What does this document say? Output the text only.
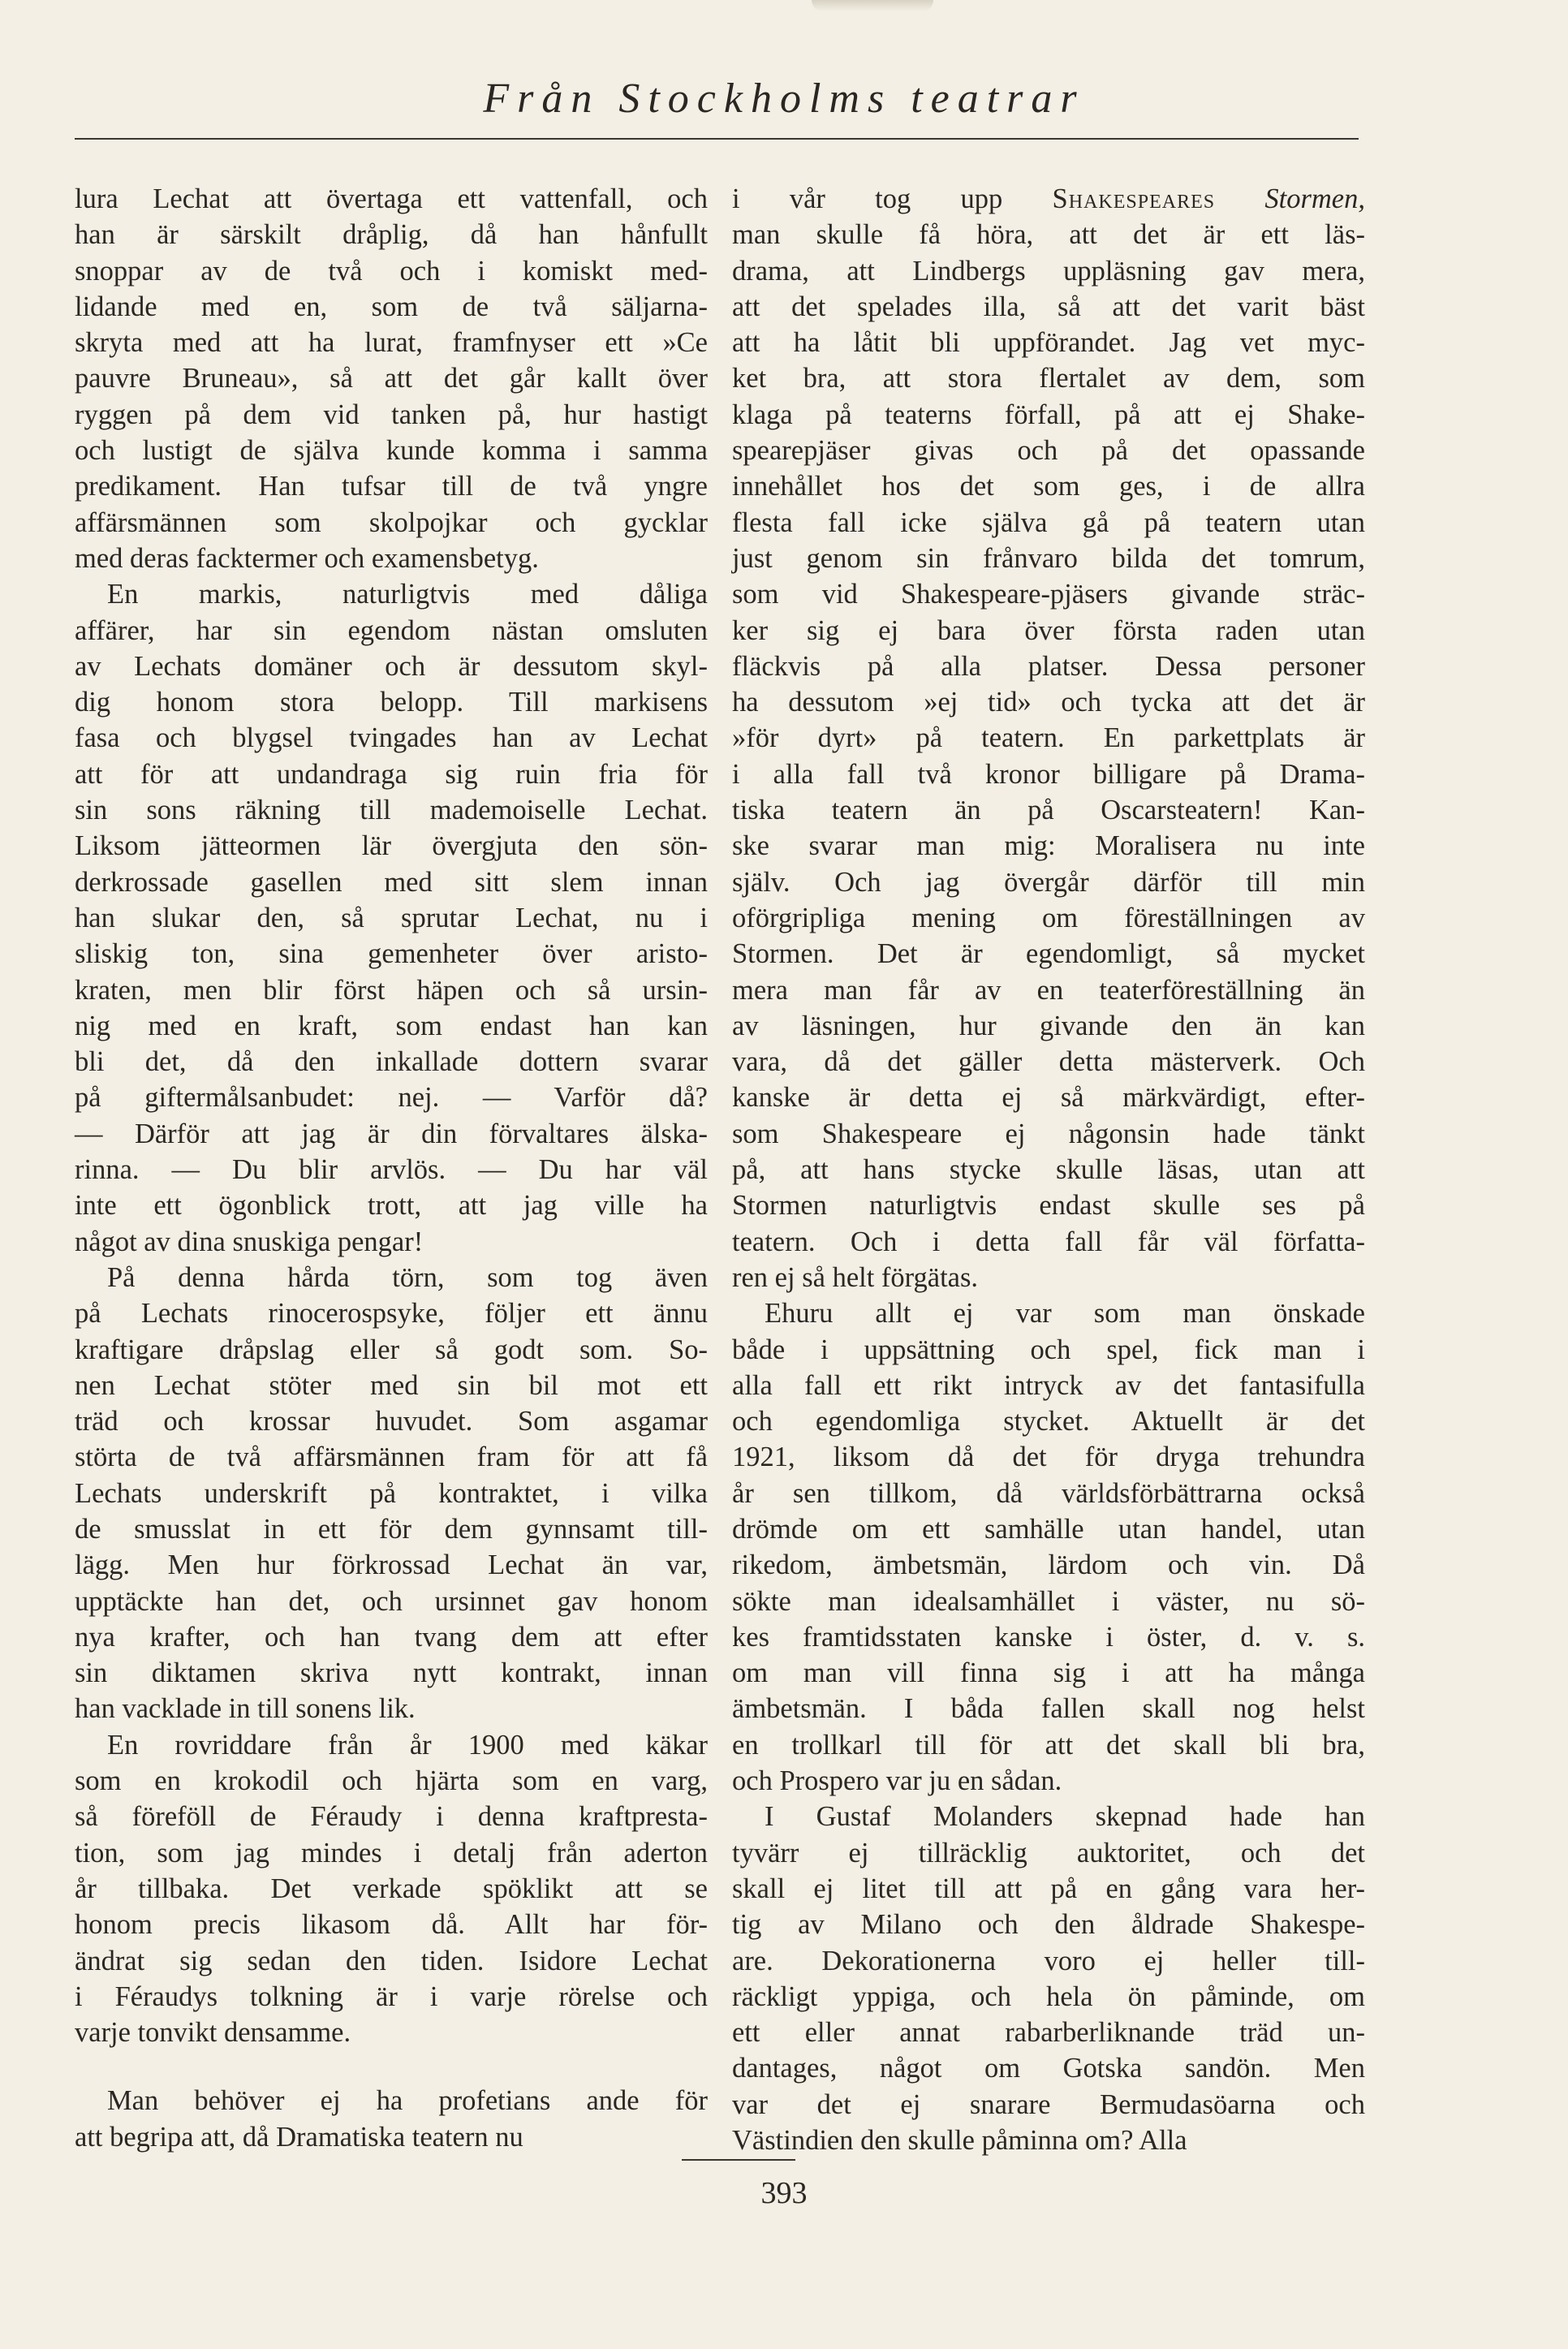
Från Stockholms teatrar

lura Lechat att övertaga ett vattenfall, och
han är särskilt dråplig, då han hånfullt
snoppar av de två och i komiskt med-
lidande med en, som de två säljarna-
skryta med att ha lurat, framfnyser ett »Ce
pauvre Bruneau», så att det går kallt över
ryggen på dem vid tanken på, hur hastigt
och lustigt de själva kunde komma i samma
predikament. Han tufsar till de två yngre
affärsmännen som skolpojkar och gycklar
med deras facktermer och examensbetyg.

En markis, naturligtvis med dåliga
affärer, har sin egendom nästan omsluten
av Lechats domäner och är dessutom skyl-
dig honom stora belopp. Till markisens
fasa och blygsel tvingades han av Lechat
att för att undandraga sig ruin fria för
sin sons räkning till mademoiselle Lechat.
Liksom jätteormen lär övergjuta den sön-
derkrossade gasellen med sitt slem innan
han slukar den, så sprutar Lechat, nu i
sliskig ton, sina gemenheter över aristo-
kraten, men blir först häpen och så ursin-
nig med en kraft, som endast han kan
bli det, då den inkallade dottern svarar
på giftermålsanbudet: nej. — Varför då?
— Därför att jag är din förvaltares älska-
rinna. — Du blir arvlös. — Du har väl
inte ett ögonblick trott, att jag ville ha
något av dina snuskiga pengar!

På denna hårda törn, som tog även
på Lechats rinocerospsyke, följer ett ännu
kraftigare dråpslag eller så godt som. So-
nen Lechat stöter med sin bil mot ett
träd och krossar huvudet. Som asgamar
störta de två affärsmännen fram för att få
Lechats underskrift på kontraktet, i vilka
de smusslat in ett för dem gynnsamt till-
lägg. Men hur förkrossad Lechat än var,
upptäckte han det, och ursinnet gav honom
nya krafter, och han tvang dem att efter
sin diktamen skriva nytt kontrakt, innan
han vacklade in till sonens lik.

En rovriddare från år 1900 med käkar
som en krokodil och hjärta som en varg,
så föreföll de Féraudy i denna kraftpresta-
tion, som jag mindes i detalj från aderton
år tillbaka. Det verkade spöklikt att se
honom precis likasom då. Allt har för-
ändrat sig sedan den tiden. Isidore Lechat
i Féraudys tolkning är i varje rörelse och
varje tonvikt densamme.

Man behöver ej ha profetians ande för
att begripa att, då Dramatiska teatern nu

i vår tog upp Shakespeares Stormen,
man skulle få höra, att det är ett läs-
drama, att Lindbergs uppläsning gav mera,
att det spelades illa, så att det varit bäst
att ha låtit bli uppförandet. Jag vet myc-
ket bra, att stora flertalet av dem, som
klaga på teaterns förfall, på att ej Shake-
spearepjäser givas och på det opassande
innehållet hos det som ges, i de allra
flesta fall icke själva gå på teatern utan
just genom sin frånvaro bilda det tomrum,
som vid Shakespeare-pjäsers givande sträc-
ker sig ej bara över första raden utan
fläckvis på alla platser. Dessa personer
ha dessutom »ej tid» och tycka att det är
»för dyrt» på teatern. En parkettplats är
i alla fall två kronor billigare på Drama-
tiska teatern än på Oscarsteatern! Kan-
ske svarar man mig: Moralisera nu inte
själv. Och jag övergår därför till min
oförgripliga mening om föreställningen av
Stormen. Det är egendomligt, så mycket
mera man får av en teaterföreställning än
av läsningen, hur givande den än kan
vara, då det gäller detta mästerverk. Och
kanske är detta ej så märkvärdigt, efter-
som Shakespeare ej någonsin hade tänkt
på, att hans stycke skulle läsas, utan att
Stormen naturligtvis endast skulle ses på
teatern. Och i detta fall får väl författa-
ren ej så helt förgätas.

Ehuru allt ej var som man önskade
både i uppsättning och spel, fick man i
alla fall ett rikt intryck av det fantasifulla
och egendomliga stycket. Aktuellt är det
1921, liksom då det för dryga trehundra
år sen tillkom, då världsförbättrarna också
drömde om ett samhälle utan handel, utan
rikedom, ämbetsmän, lärdom och vin. Då
sökte man idealsamhället i väster, nu sö-
kes framtidsstaten kanske i öster, d. v. s.
om man vill finna sig i att ha många
ämbetsmän. I båda fallen skall nog helst
en trollkarl till för att det skall bli bra,
och Prospero var ju en sådan.

I Gustaf Molanders skepnad hade han
tyvärr ej tillräcklig auktoritet, och det
skall ej litet till att på en gång vara her-
tig av Milano och den åldrade Shakespe-
are. Dekorationerna voro ej heller till-
räckligt yppiga, och hela ön påminde, om
ett eller annat rabarberliknande träd un-
dantages, något om Gotska sandön. Men
var det ej snarare Bermudasöarna och
Västindien den skulle påminna om? Alla

393
